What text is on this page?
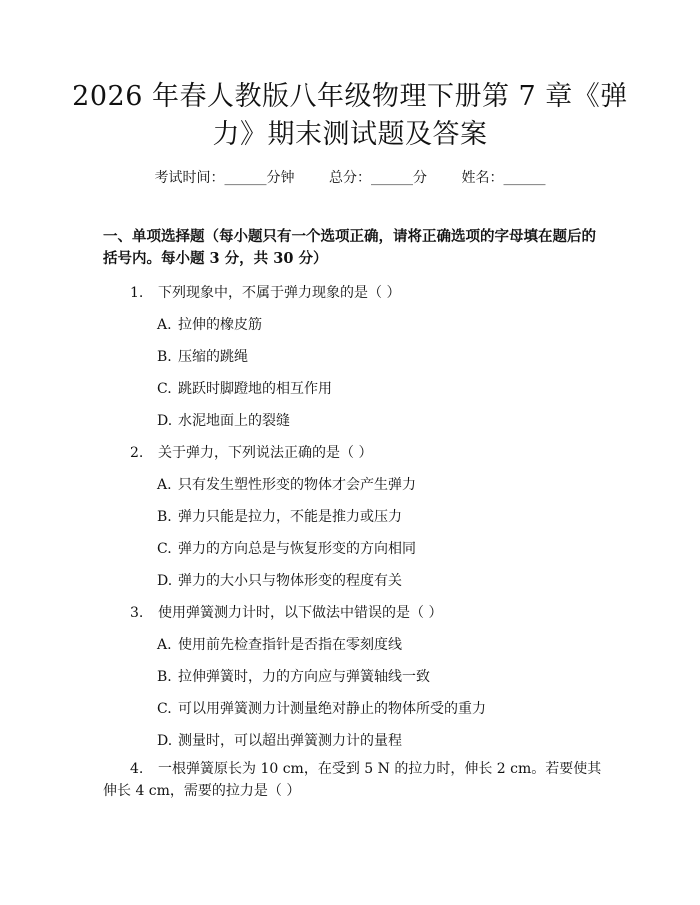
2026 年春人教版八年级物理下册第 7 章《弹
力》期末测试题及答案
考试时间：______分钟 总分：______分 姓名：______
一、单项选择题（每小题只有一个选项正确，请将正确选项的字母填在题后的括号内。每小题 3 分，共 30 分）
1. 下列现象中，不属于弹力现象的是（ ）
A. 拉伸的橡皮筋
B. 压缩的跳绳
C. 跳跃时脚蹬地的相互作用
D. 水泥地面上的裂缝
2. 关于弹力，下列说法正确的是（ ）
A. 只有发生塑性形变的物体才会产生弹力
B. 弹力只能是拉力，不能是推力或压力
C. 弹力的方向总是与恢复形变的方向相同
D. 弹力的大小只与物体形变的程度有关
3. 使用弹簧测力计时，以下做法中错误的是（ ）
A. 使用前先检查指针是否指在零刻度线
B. 拉伸弹簧时，力的方向应与弹簧轴线一致
C. 可以用弹簧测力计测量绝对静止的物体所受的重力
D. 测量时，可以超出弹簧测力计的量程
4. 一根弹簧原长为 10 cm，在受到 5 N 的拉力时，伸长 2 cm。若要使其伸长 4 cm，需要的拉力是（ ）
